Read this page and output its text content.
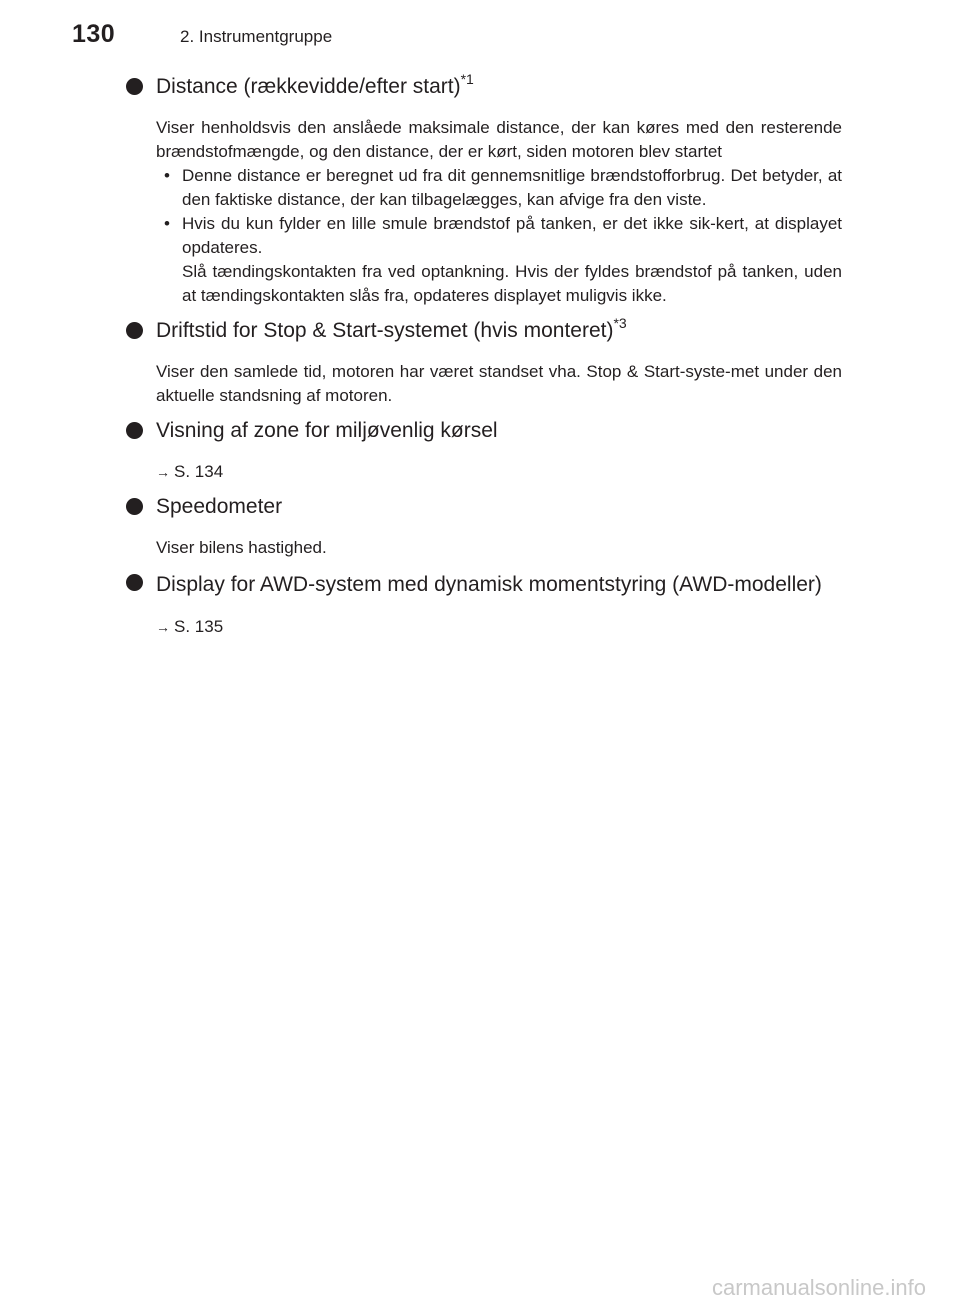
130	2. Instrumentgruppe
Distance (rækkevidde/efter start)$^{*1}$

Viser henholdsvis den anslåede maksimale distance, der kan køres med den resterende brændstofmængde, og den distance, der er kørt, siden motoren blev startet

• Denne distance er beregnet ud fra dit gennemsnitlige brændstofforbrug. Det betyder, at den faktiske distance, der kan tilbagelægges, kan afvige fra den viste.
• Hvis du kun fylder en lille smule brændstof på tanken, er det ikke sik-kert, at displayet opdateres.
Slå tændingskontakten fra ved optankning. Hvis der fyldes brændstof på tanken, uden at tændingskontakten slås fra, opdateres displayet muligvis ikke.
Driftstid for Stop & Start-systemet (hvis monteret)$^{*3}$

Viser den samlede tid, motoren har været standset vha. Stop & Start-syste-met under den aktuelle standsning af motoren.

Visning af zone for miljøvenlig kørsel
→ S. 134
Speedometer

Viser bilens hastighed.

Display for AWD-system med dynamisk momentstyring (AWD-modeller)
→ S. 135
carmanualsonline.info
